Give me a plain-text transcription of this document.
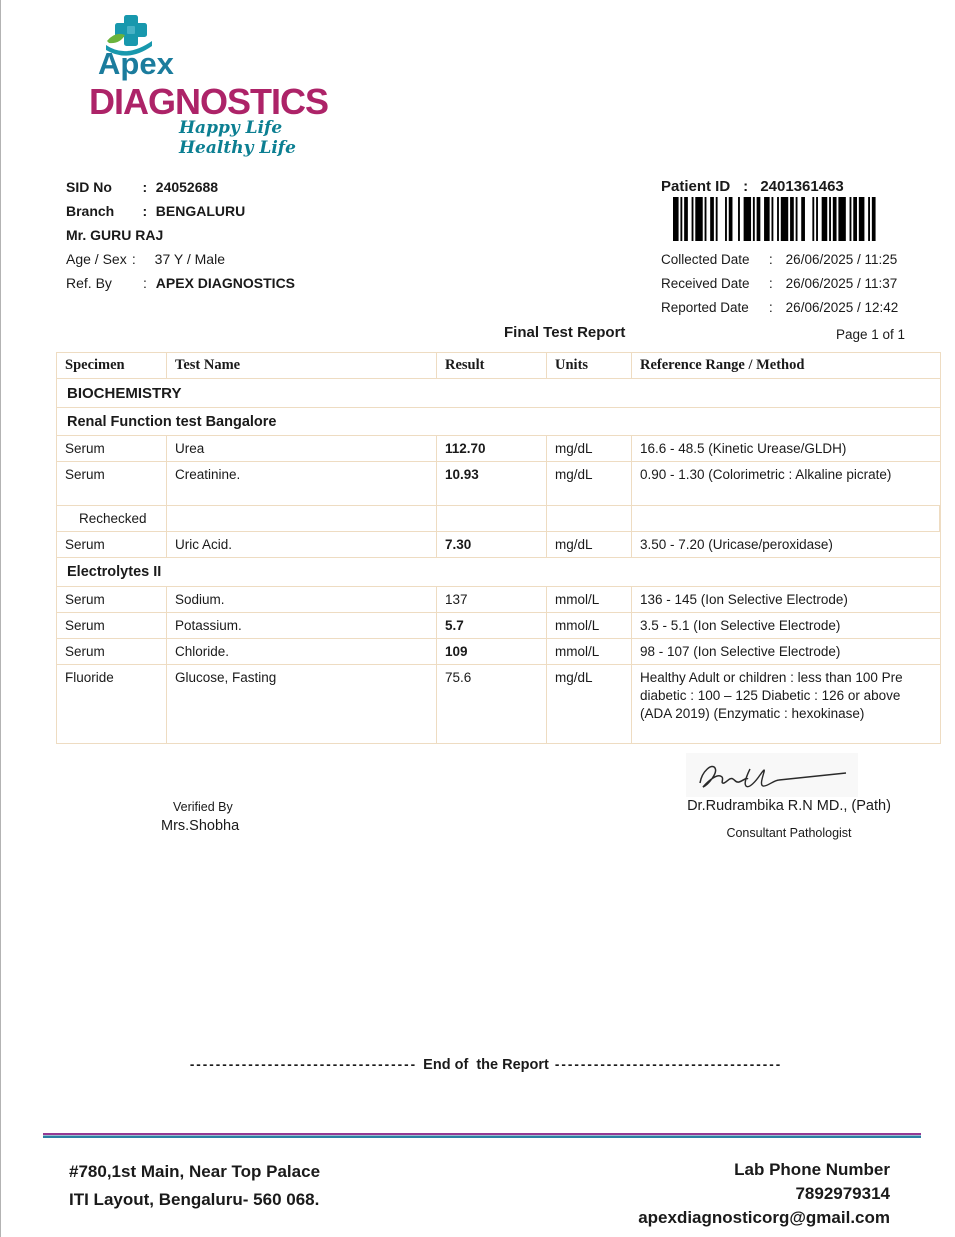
Apex
DIAGNOSTICS
Happy Life Healthy Life
SID No : 24052688
Branch : BENGALURU
Mr. GURU RAJ
Age / Sex : 37 Y / Male
Ref. By : APEX DIAGNOSTICS
Patient ID : 2401361463
Collected Date : 26/06/2025 / 11:25
Received Date : 26/06/2025 / 11:37
Reported Date : 26/06/2025 / 12:42
Final Test Report	Page 1 of 1
Specimen	Test Name	Result	Units	Reference Range / Method
BIOCHEMISTRY
Renal Function test Bangalore
Serum	Urea	112.70	mg/dL	16.6 - 48.5 (Kinetic Urease/GLDH)
Serum	Creatinine.	10.93	mg/dL	0.90 - 1.30 (Colorimetric : Alkaline picrate)
Rechecked
Serum	Uric Acid.	7.30	mg/dL	3.50 - 7.20 (Uricase/peroxidase)
Electrolytes II
Serum	Sodium.	137	mmol/L	136 - 145 (Ion Selective Electrode)
Serum	Potassium.	5.7	mmol/L	3.5 - 5.1 (Ion Selective Electrode)
Serum	Chloride.	109	mmol/L	98 - 107 (Ion Selective Electrode)
Fluoride	Glucose, Fasting	75.6	mg/dL	Healthy Adult or children : less than 100 Pre diabetic : 100 – 125 Diabetic : 126 or above (ADA 2019) (Enzymatic : hexokinase)
Dr.Rudrambika R.N MD., (Path)
Consultant Pathologist
Verified By
Mrs.Shobha

----------------------------------- End of  the Report -----------------------------------

#780,1st Main, Near Top Palace
ITI Layout, Bengaluru- 560 068.
Lab Phone Number
7892979314
apexdiagnosticorg@gmail.com
